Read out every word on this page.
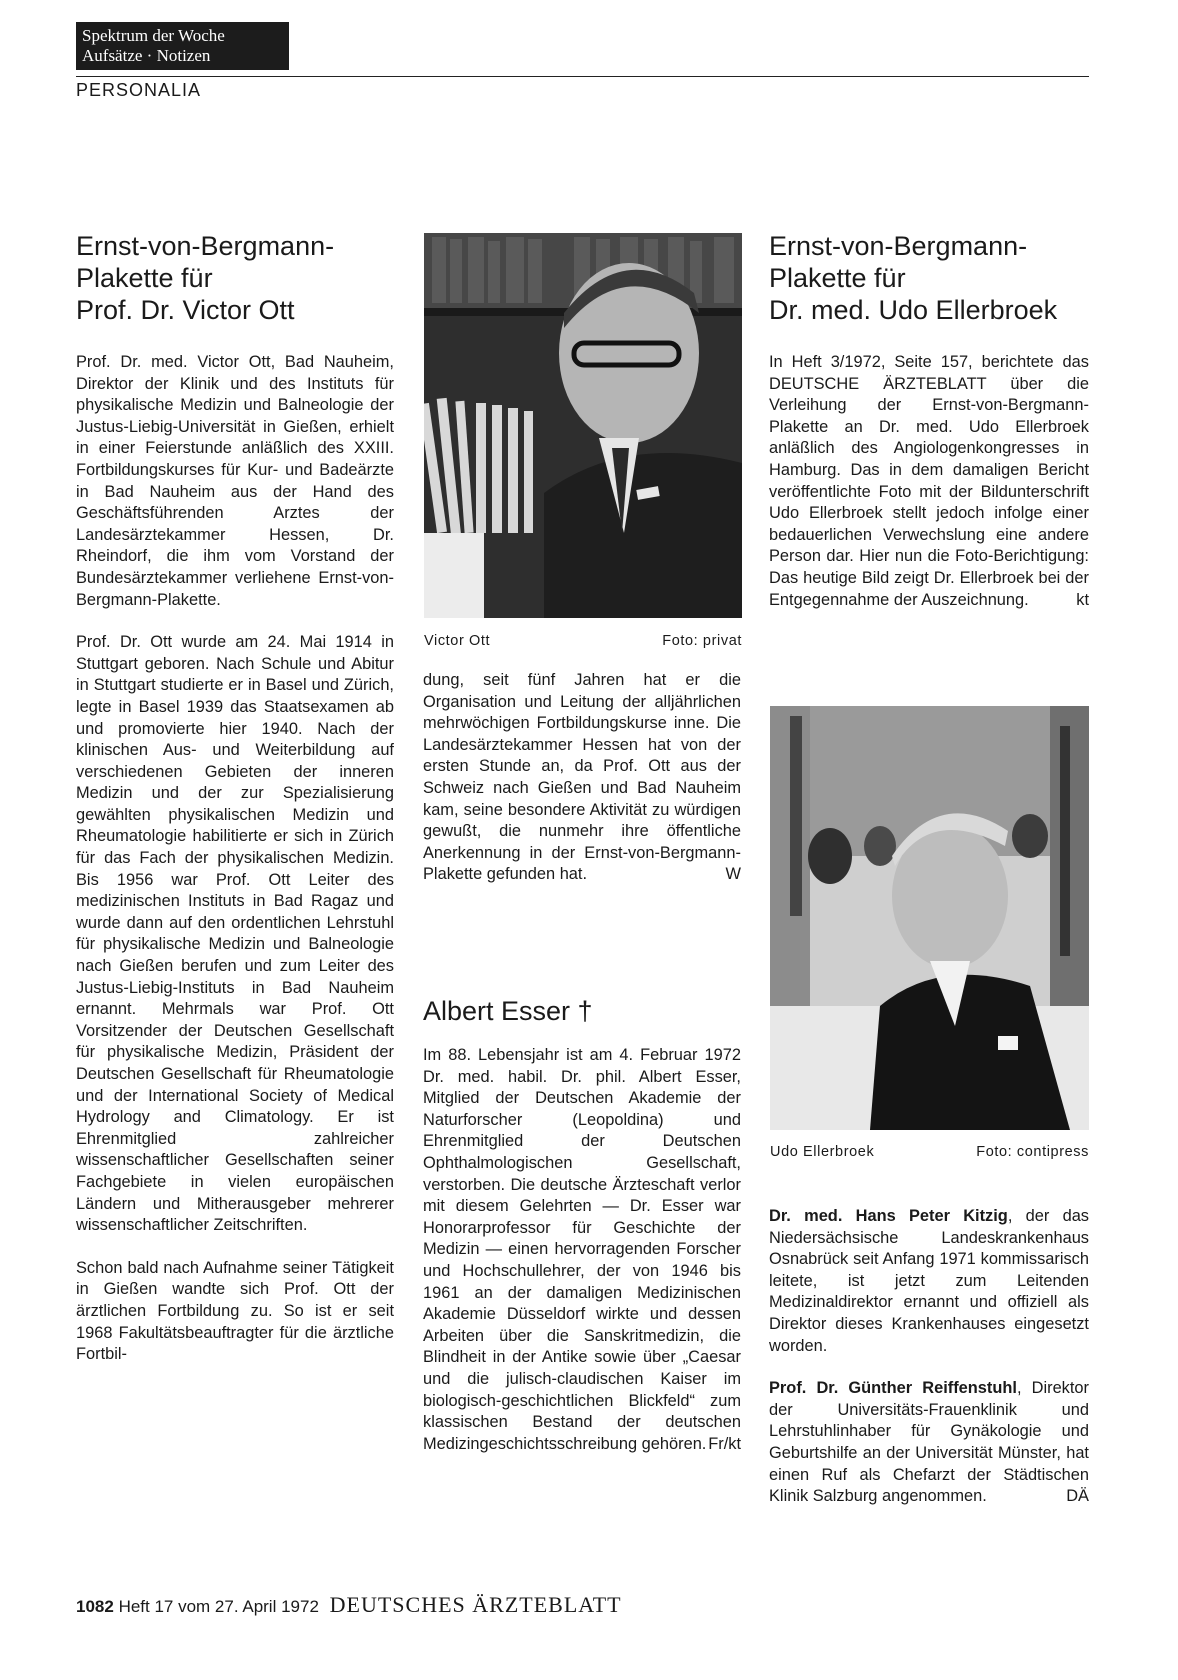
Spektrum der Woche
Aufsätze · Notizen
PERSONALIA
Ernst-von-Bergmann-
Plakette für
Prof. Dr. Victor Ott

Prof. Dr. med. Victor Ott, Bad Nauheim, Direktor der Klinik und des Instituts für physikalische Medizin und Balneologie der Justus-Liebig-Universität in Gießen, erhielt in einer Feierstunde anläßlich des XXIII. Fortbildungskurses für Kur- und Badeärzte in Bad Nauheim aus der Hand des Geschäftsführenden Arztes der Landesärztekammer Hessen, Dr. Rheindorf, die ihm vom Vorstand der Bundesärztekammer verliehene Ernst-von-Bergmann-Plakette.

Prof. Dr. Ott wurde am 24. Mai 1914 in Stuttgart geboren. Nach Schule und Abitur in Stuttgart studierte er in Basel und Zürich, legte in Basel 1939 das Staatsexamen ab und promovierte hier 1940. Nach der klinischen Aus- und Weiterbildung auf verschiedenen Gebieten der inneren Medizin und der zur Spezialisierung gewählten physikalischen Medizin und Rheumatologie habilitierte er sich in Zürich für das Fach der physikalischen Medizin. Bis 1956 war Prof. Ott Leiter des medizinischen Instituts in Bad Ragaz und wurde dann auf den ordentlichen Lehrstuhl für physikalische Medizin und Balneologie nach Gießen berufen und zum Leiter des Justus-Liebig-Instituts in Bad Nauheim ernannt. Mehrmals war Prof. Ott Vorsitzender der Deutschen Gesellschaft für physikalische Medizin, Präsident der Deutschen Gesellschaft für Rheumatologie und der International Society of Medical Hydrology and Climatology. Er ist Ehrenmitglied zahlreicher wissenschaftlicher Gesellschaften seiner Fachgebiete in vielen europäischen Ländern und Mitherausgeber mehrerer wissenschaftlicher Zeitschriften.

Schon bald nach Aufnahme seiner Tätigkeit in Gießen wandte sich Prof. Ott der ärztlichen Fortbildung zu. So ist er seit 1968 Fakultätsbeauftragter für die ärztliche Fortbil-

Victor Ott	Foto: privat

dung, seit fünf Jahren hat er die Organisation und Leitung der alljährlichen mehrwöchigen Fortbildungskurse inne. Die Landesärztekammer Hessen hat von der ersten Stunde an, da Prof. Ott aus der Schweiz nach Gießen und Bad Nauheim kam, seine besondere Aktivität zu würdigen gewußt, die nunmehr ihre öffentliche Anerkennung in der Ernst-von-Bergmann-Plakette gefunden hat.	W

Albert Esser †

Im 88. Lebensjahr ist am 4. Februar 1972 Dr. med. habil. Dr. phil. Albert Esser, Mitglied der Deutschen Akademie der Naturforscher (Leopoldina) und Ehrenmitglied der Deutschen Ophthalmologischen Gesellschaft, verstorben. Die deutsche Ärzteschaft verlor mit diesem Gelehrten — Dr. Esser war Honorarprofessor für Geschichte der Medizin — einen hervorragenden Forscher und Hochschullehrer, der von 1946 bis 1961 an der damaligen Medizinischen Akademie Düsseldorf wirkte und dessen Arbeiten über die Sanskritmedizin, die Blindheit in der Antike sowie über „Caesar und die julisch-claudischen Kaiser im biologisch-geschichtlichen Blickfeld“ zum klassischen Bestand der deutschen Medizingeschichtsschreibung gehören. Fr/kt

Ernst-von-Bergmann-
Plakette für
Dr. med. Udo Ellerbroek

In Heft 3/1972, Seite 157, berichtete das DEUTSCHE ÄRZTEBLATT über die Verleihung der Ernst-von-Bergmann-Plakette an Dr. med. Udo Ellerbroek anläßlich des Angiologenkongresses in Hamburg. Das in dem damaligen Bericht veröffentlichte Foto mit der Bildunterschrift Udo Ellerbroek stellt jedoch infolge einer bedauerlichen Verwechslung eine andere Person dar. Hier nun die Foto-Berichtigung: Das heutige Bild zeigt Dr. Ellerbroek bei der Entgegennahme der Auszeichnung.	kt

Udo Ellerbroek	Foto: contipress

Dr. med. Hans Peter Kitzig, der das Niedersächsische Landeskrankenhaus Osnabrück seit Anfang 1971 kommissarisch leitete, ist jetzt zum Leitenden Medizinaldirektor ernannt und offiziell als Direktor dieses Krankenhauses eingesetzt worden.

Prof. Dr. Günther Reiffenstuhl, Direktor der Universitäts-Frauenklinik und Lehrstuhlinhaber für Gynäkologie und Geburtshilfe an der Universität Münster, hat einen Ruf als Chefarzt der Städtischen Klinik Salzburg angenommen.	DÄ

1082 Heft 17 vom 27. April 1972 DEUTSCHES ÄRZTEBLATT
